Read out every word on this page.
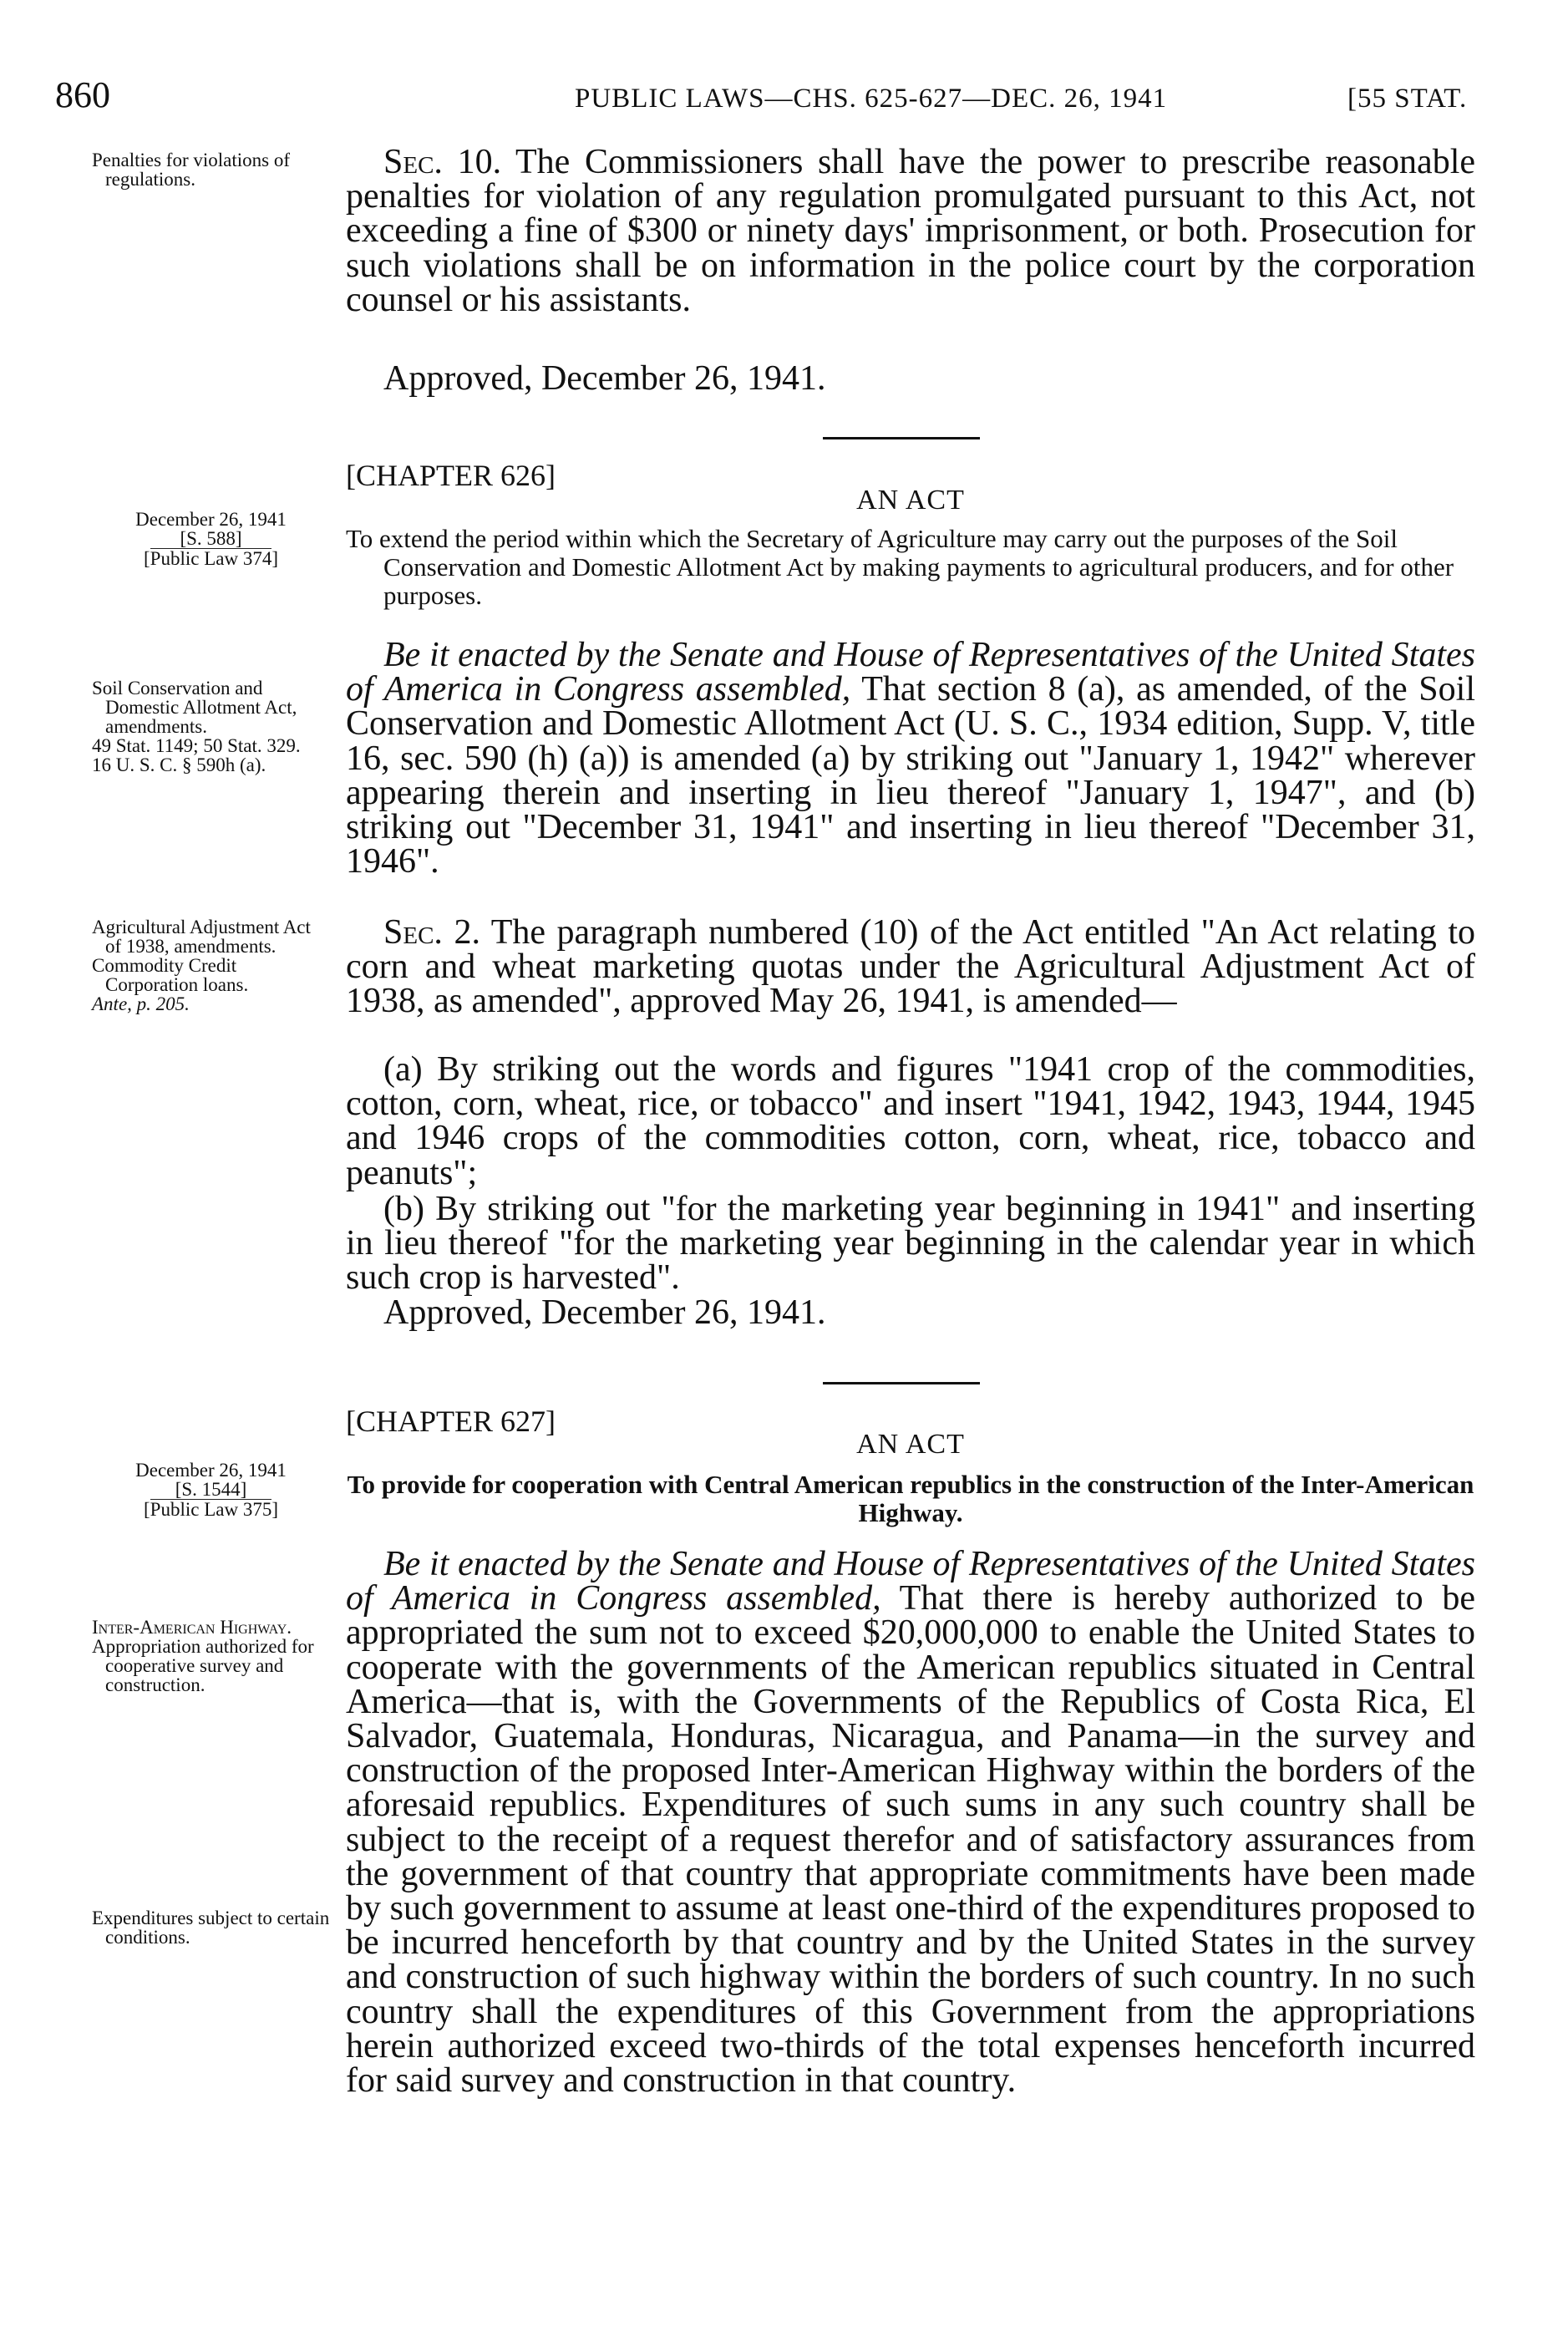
860	PUBLIC LAWS—CHS. 625-627—DEC. 26, 1941	[55 STAT.

Penalties for violations of regulations.

December 26, 1941

[S. 588]

[Public Law 374]

Soil Conservation and Domestic Allotment Act, amendments.

49 Stat. 1149; 50 Stat. 329.

16 U. S. C. § 590h (a).

Agricultural Adjustment Act of 1938, amendments.

Commodity Credit Corporation loans.

Ante, p. 205.

December 26, 1941

[S. 1544]

[Public Law 375]

Inter-American Highway.

Appropriation authorized for cooperative survey and construction.

Expenditures subject to certain conditions.

Sec. 10. The Commissioners shall have the power to prescribe reasonable penalties for violation of any regulation promulgated pursuant to this Act, not exceeding a fine of $300 or ninety days' imprisonment, or both. Prosecution for such violations shall be on information in the police court by the corporation counsel or his assistants.

Approved, December 26, 1941.

[CHAPTER 626]

AN ACT

To extend the period within which the Secretary of Agriculture may carry out the purposes of the Soil Conservation and Domestic Allotment Act by making payments to agricultural producers, and for other purposes.

Be it enacted by the Senate and House of Representatives of the United States of America in Congress assembled, That section 8 (a), as amended, of the Soil Conservation and Domestic Allotment Act (U. S. C., 1934 edition, Supp. V, title 16, sec. 590 (h) (a)) is amended (a) by striking out "January 1, 1942" wherever appearing therein and inserting in lieu thereof "January 1, 1947", and (b) striking out "December 31, 1941" and inserting in lieu thereof "December 31, 1946".

Sec. 2. The paragraph numbered (10) of the Act entitled "An Act relating to corn and wheat marketing quotas under the Agricultural Adjustment Act of 1938, as amended", approved May 26, 1941, is amended—

(a) By striking out the words and figures "1941 crop of the commodities, cotton, corn, wheat, rice, or tobacco" and insert "1941, 1942, 1943, 1944, 1945 and 1946 crops of the commodities cotton, corn, wheat, rice, tobacco and peanuts";

(b) By striking out "for the marketing year beginning in 1941" and inserting in lieu thereof "for the marketing year beginning in the calendar year in which such crop is harvested".

Approved, December 26, 1941.

[CHAPTER 627]

AN ACT

To provide for cooperation with Central American republics in the construction of the Inter-American Highway.

Be it enacted by the Senate and House of Representatives of the United States of America in Congress assembled, That there is hereby authorized to be appropriated the sum not to exceed $20,000,000 to enable the United States to cooperate with the governments of the American republics situated in Central America—that is, with the Governments of the Republics of Costa Rica, El Salvador, Guatemala, Honduras, Nicaragua, and Panama—in the survey and construction of the proposed Inter-American Highway within the borders of the aforesaid republics. Expenditures of such sums in any such country shall be subject to the receipt of a request therefor and of satisfactory assurances from the government of that country that appropriate commitments have been made by such government to assume at least one-third of the expenditures proposed to be incurred henceforth by that country and by the United States in the survey and construction of such highway within the borders of such country. In no such country shall the expenditures of this Government from the appropriations herein authorized exceed two-thirds of the total expenses henceforth incurred for said survey and construction in that country.
